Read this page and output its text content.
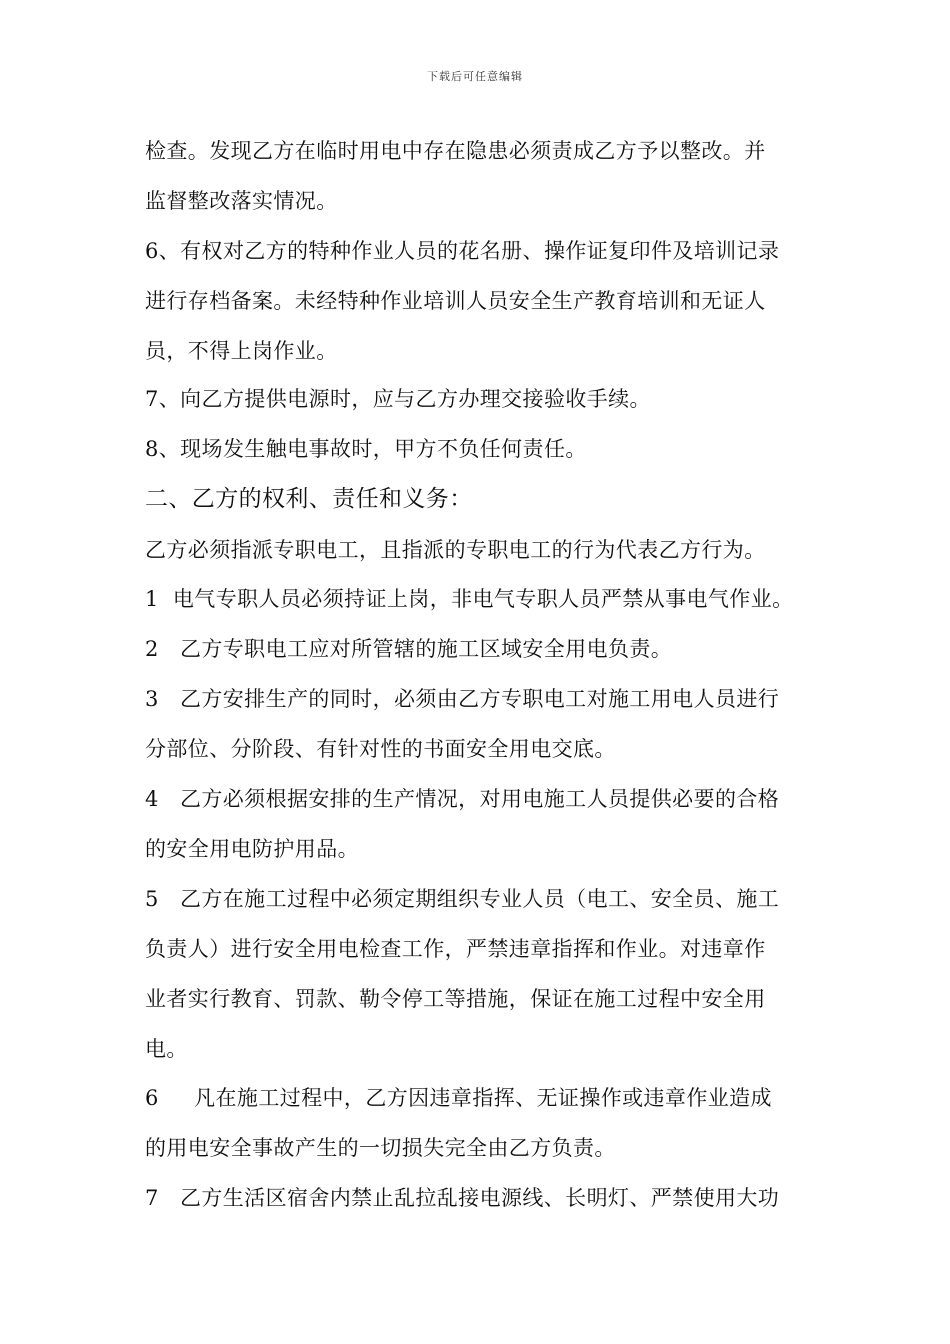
下载后可任意编辑

检查。发现乙方在临时用电中存在隐患必须责成乙方予以整改。并

监督整改落实情况。

6、有权对乙方的特种作业人员的花名册、操作证复印件及培训记录

进行存档备案。未经特种作业培训人员安全生产教育培训和无证人

员，不得上岗作业。

7、向乙方提供电源时，应与乙方办理交接验收手续。

8、现场发生触电事故时，甲方不负任何责任。

二、乙方的权利、责任和义务：

乙方必须指派专职电工，且指派的专职电工的行为代表乙方行为。

1  电气专职人员必须持证上岗，非电气专职人员严禁从事电气作业。

2   乙方专职电工应对所管辖的施工区域安全用电负责。

3   乙方安排生产的同时，必须由乙方专职电工对施工用电人员进行

分部位、分阶段、有针对性的书面安全用电交底。

4   乙方必须根据安排的生产情况，对用电施工人员提供必要的合格

的安全用电防护用品。

5   乙方在施工过程中必须定期组织专业人员（电工、安全员、施工

负责人）进行安全用电检查工作，严禁违章指挥和作业。对违章作

业者实行教育、罚款、勒令停工等措施，保证在施工过程中安全用

电。

6     凡在施工过程中，乙方因违章指挥、无证操作或违章作业造成

的用电安全事故产生的一切损失完全由乙方负责。

7   乙方生活区宿舍内禁止乱拉乱接电源线、长明灯、严禁使用大功
